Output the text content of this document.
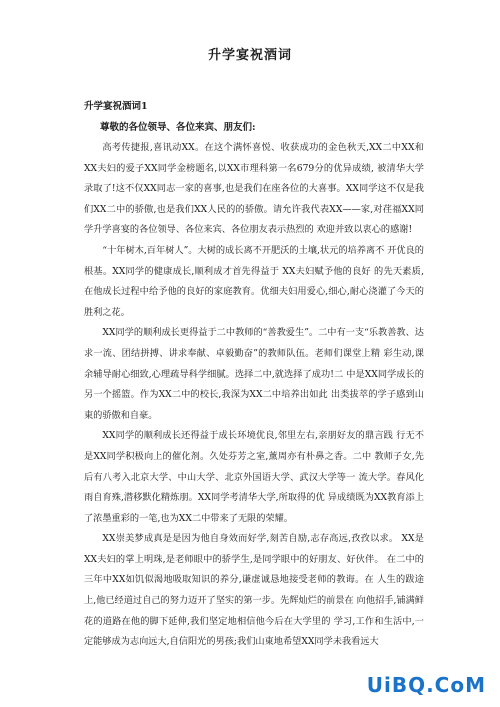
升学宴祝酒词
升学宴祝酒词1
尊敬的各位领导、各位来宾、朋友们:

高考传捷报,喜讯动XX。在这个满怀喜悦、收获成功的金色秋天,XX二中XX和XX夫妇的爱子XX同学金榜题名,以XX市理科第一名679分的优异成绩, 被清华大学录取了!这不仅XX同志一家的喜事,也是我们在座各位的大喜事。XX同学这不仅是我们XX二中的骄傲,也是我们XX人民的的骄傲。请允许我代表XX——家,对荏福XX同学升学喜宴的各位领导、各位来宾、各位朋友表示热烈的 欢迎并致以衷心的感谢!

“十年树木,百年树人”。大树的成长离不开肥沃的土壤,状元的培养离不 开优良的根基。XX同学的健康成长,顺利成才首先得益于 XX夫妇赋予他的良好 的先天素质,在他成长过程中给予他的良好的家庭教育。优细夫妇用爱心,细心,耐心浇灌了今天的胜利之花。

XX同学的顺利成长更得益于二中教师的“善教爱生”。二中有一支“乐教善教、达求一流、团结拼搏、讲求奉献、卓毅勤奋”的教师队伍。老师们课堂上精 彩生动,课余辅导耐心细致,心理疏导科学细腻。选择二中,就选择了成功!二 中是XX同学成长的另一个摇篮。作为XX二中的校长,我深为XX二中培养出如此 出类拔萃的学子感到山東的骄傲和自豪。

XX同学的顺利成长还得益于成长环境优良,邻里左右,亲朋好友的鼎言践 行无不是XX同学积极向上的催化剂。久处芬芳之室,薰周亦有朴鼻之香。二中 教师子女,先后有八考入北京大学、中山大学、北京外国语大学、武汉大学等一 流大学。春风化雨自育殊,潜移默化精炼朋。XX同学考清华大学,所取得的优 异成绩既为XX教育添上了浓墨重彩的一笔,也为XX二中带来了无限的荣耀。

XX崇美梦成真是是因为他自身效而好学,刻苦自励,志存高远,孜孜以求。 XX是XX夫妇的掌上明珠,是老师眼中的骄学生,是同学眼中的好朋友、好伙伴。 在二中的三年中XX如饥似渴地吸取知识的养分,谦虚诚恳地接受老师的教诲。在 人生的跋途上,他已经道过自己的努力迈开了坚实的第一步。先辉灿烂的前景在 向他招手,铺满鲜花的道路在他的脚下延伸,我们坚定地相信他今后在大学里的 学习,工作和生活中,一定能够成为志向远大,自信阳光的男孩;我们山東地希望XX同学未我看远大

UiBQ.CoM
